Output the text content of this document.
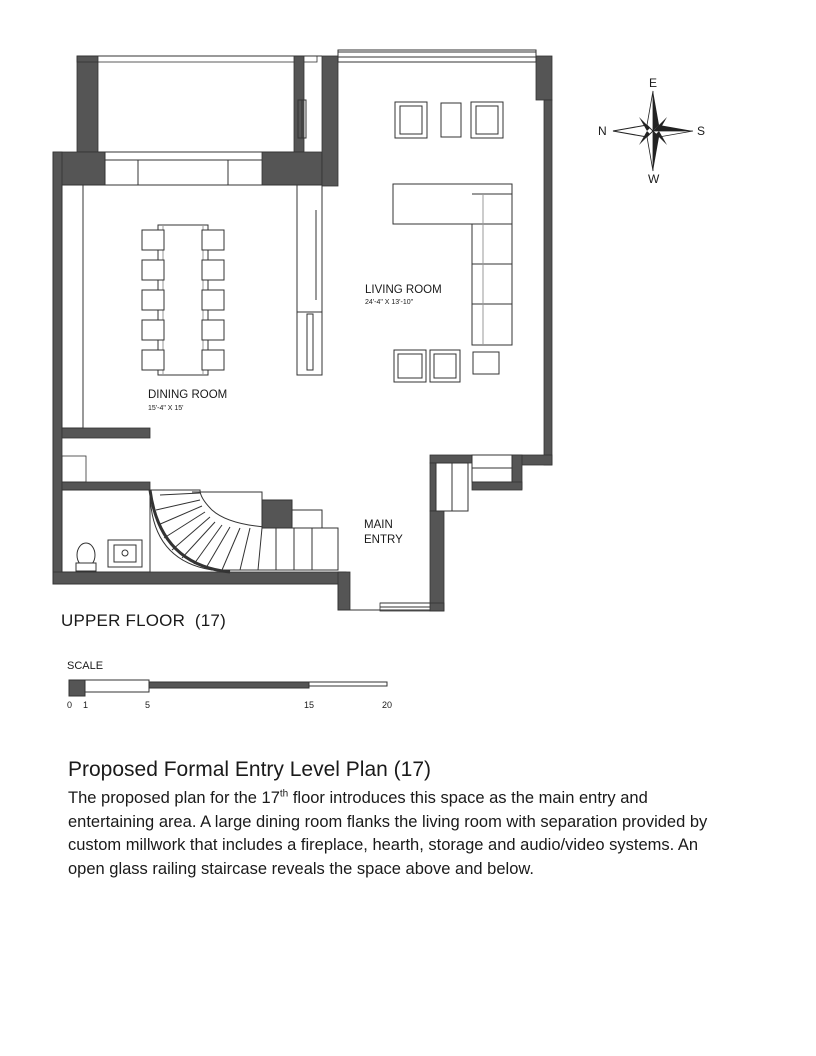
LIVING ROOM
24'-4" X 13'-10"
DINING ROOM
15'-4" X 15'
MAIN
ENTRY
E
N	S
W
0 1	5	15	20
UPPER FLOOR  (17)
SCALE
Proposed Formal Entry Level Plan (17)

The proposed plan for the 17th floor introduces this space as the main entry and entertaining area. A large dining room flanks the living room with separation provided by custom millwork that includes a fireplace, hearth, storage and audio/video systems. An open glass railing staircase reveals the space above and below.
